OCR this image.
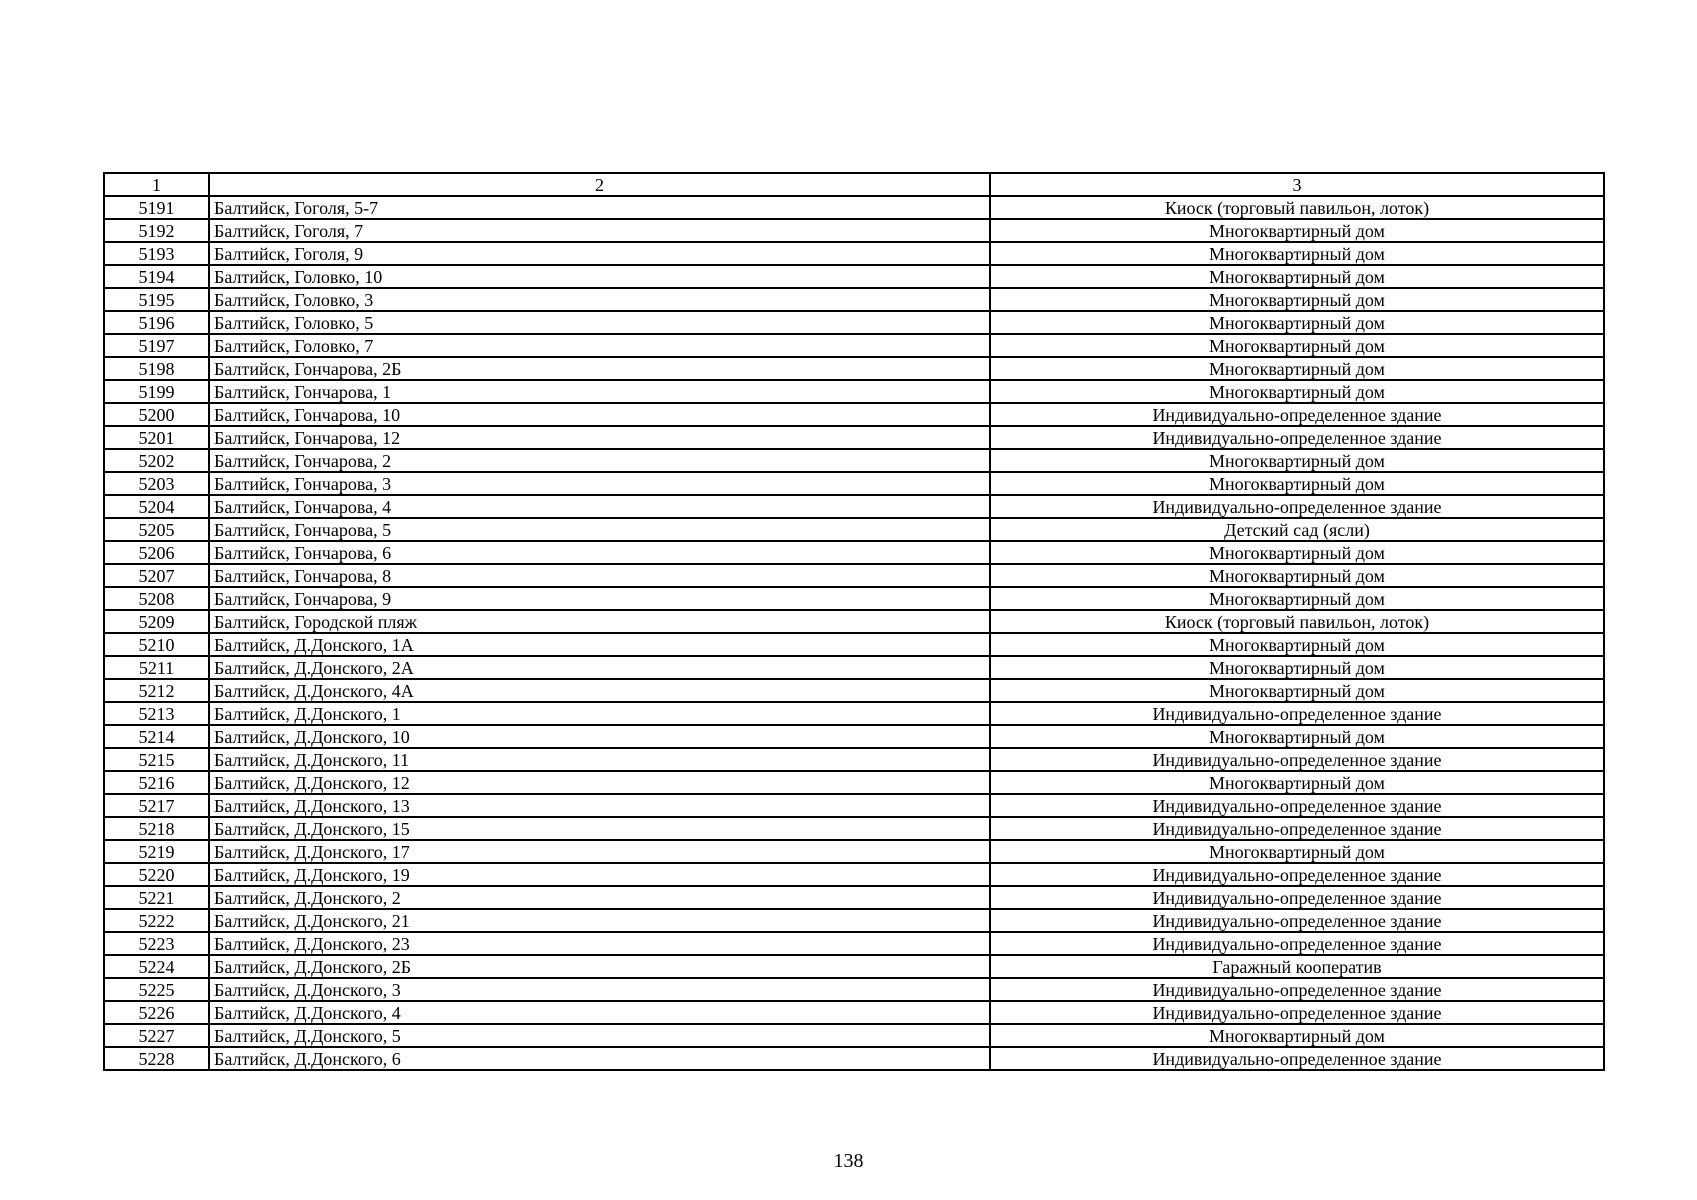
1	2	3
5191	Балтийск, Гоголя, 5-7	Киоск (торговый павильон, лоток)
5192	Балтийск, Гоголя, 7	Многоквартирный дом
5193	Балтийск, Гоголя, 9	Многоквартирный дом
5194	Балтийск, Головко, 10	Многоквартирный дом
5195	Балтийск, Головко, 3	Многоквартирный дом
5196	Балтийск, Головко, 5	Многоквартирный дом
5197	Балтийск, Головко, 7	Многоквартирный дом
5198	Балтийск, Гончарова, 2Б	Многоквартирный дом
5199	Балтийск, Гончарова, 1	Многоквартирный дом
5200	Балтийск, Гончарова, 10	Индивидуально-определенное здание
5201	Балтийск, Гончарова, 12	Индивидуально-определенное здание
5202	Балтийск, Гончарова, 2	Многоквартирный дом
5203	Балтийск, Гончарова, 3	Многоквартирный дом
5204	Балтийск, Гончарова, 4	Индивидуально-определенное здание
5205	Балтийск, Гончарова, 5	Детский сад (ясли)
5206	Балтийск, Гончарова, 6	Многоквартирный дом
5207	Балтийск, Гончарова, 8	Многоквартирный дом
5208	Балтийск, Гончарова, 9	Многоквартирный дом
5209	Балтийск, Городской пляж	Киоск (торговый павильон, лоток)
5210	Балтийск, Д.Донского, 1А	Многоквартирный дом
5211	Балтийск, Д.Донского, 2А	Многоквартирный дом
5212	Балтийск, Д.Донского, 4А	Многоквартирный дом
5213	Балтийск, Д.Донского, 1	Индивидуально-определенное здание
5214	Балтийск, Д.Донского, 10	Многоквартирный дом
5215	Балтийск, Д.Донского, 11	Индивидуально-определенное здание
5216	Балтийск, Д.Донского, 12	Многоквартирный дом
5217	Балтийск, Д.Донского, 13	Индивидуально-определенное здание
5218	Балтийск, Д.Донского, 15	Индивидуально-определенное здание
5219	Балтийск, Д.Донского, 17	Многоквартирный дом
5220	Балтийск, Д.Донского, 19	Индивидуально-определенное здание
5221	Балтийск, Д.Донского, 2	Индивидуально-определенное здание
5222	Балтийск, Д.Донского, 21	Индивидуально-определенное здание
5223	Балтийск, Д.Донского, 23	Индивидуально-определенное здание
5224	Балтийск, Д.Донского, 2Б	Гаражный кооператив
5225	Балтийск, Д.Донского, 3	Индивидуально-определенное здание
5226	Балтийск, Д.Донского, 4	Индивидуально-определенное здание
5227	Балтийск, Д.Донского, 5	Многоквартирный дом
5228	Балтийск, Д.Донского, 6	Индивидуально-определенное здание
138
